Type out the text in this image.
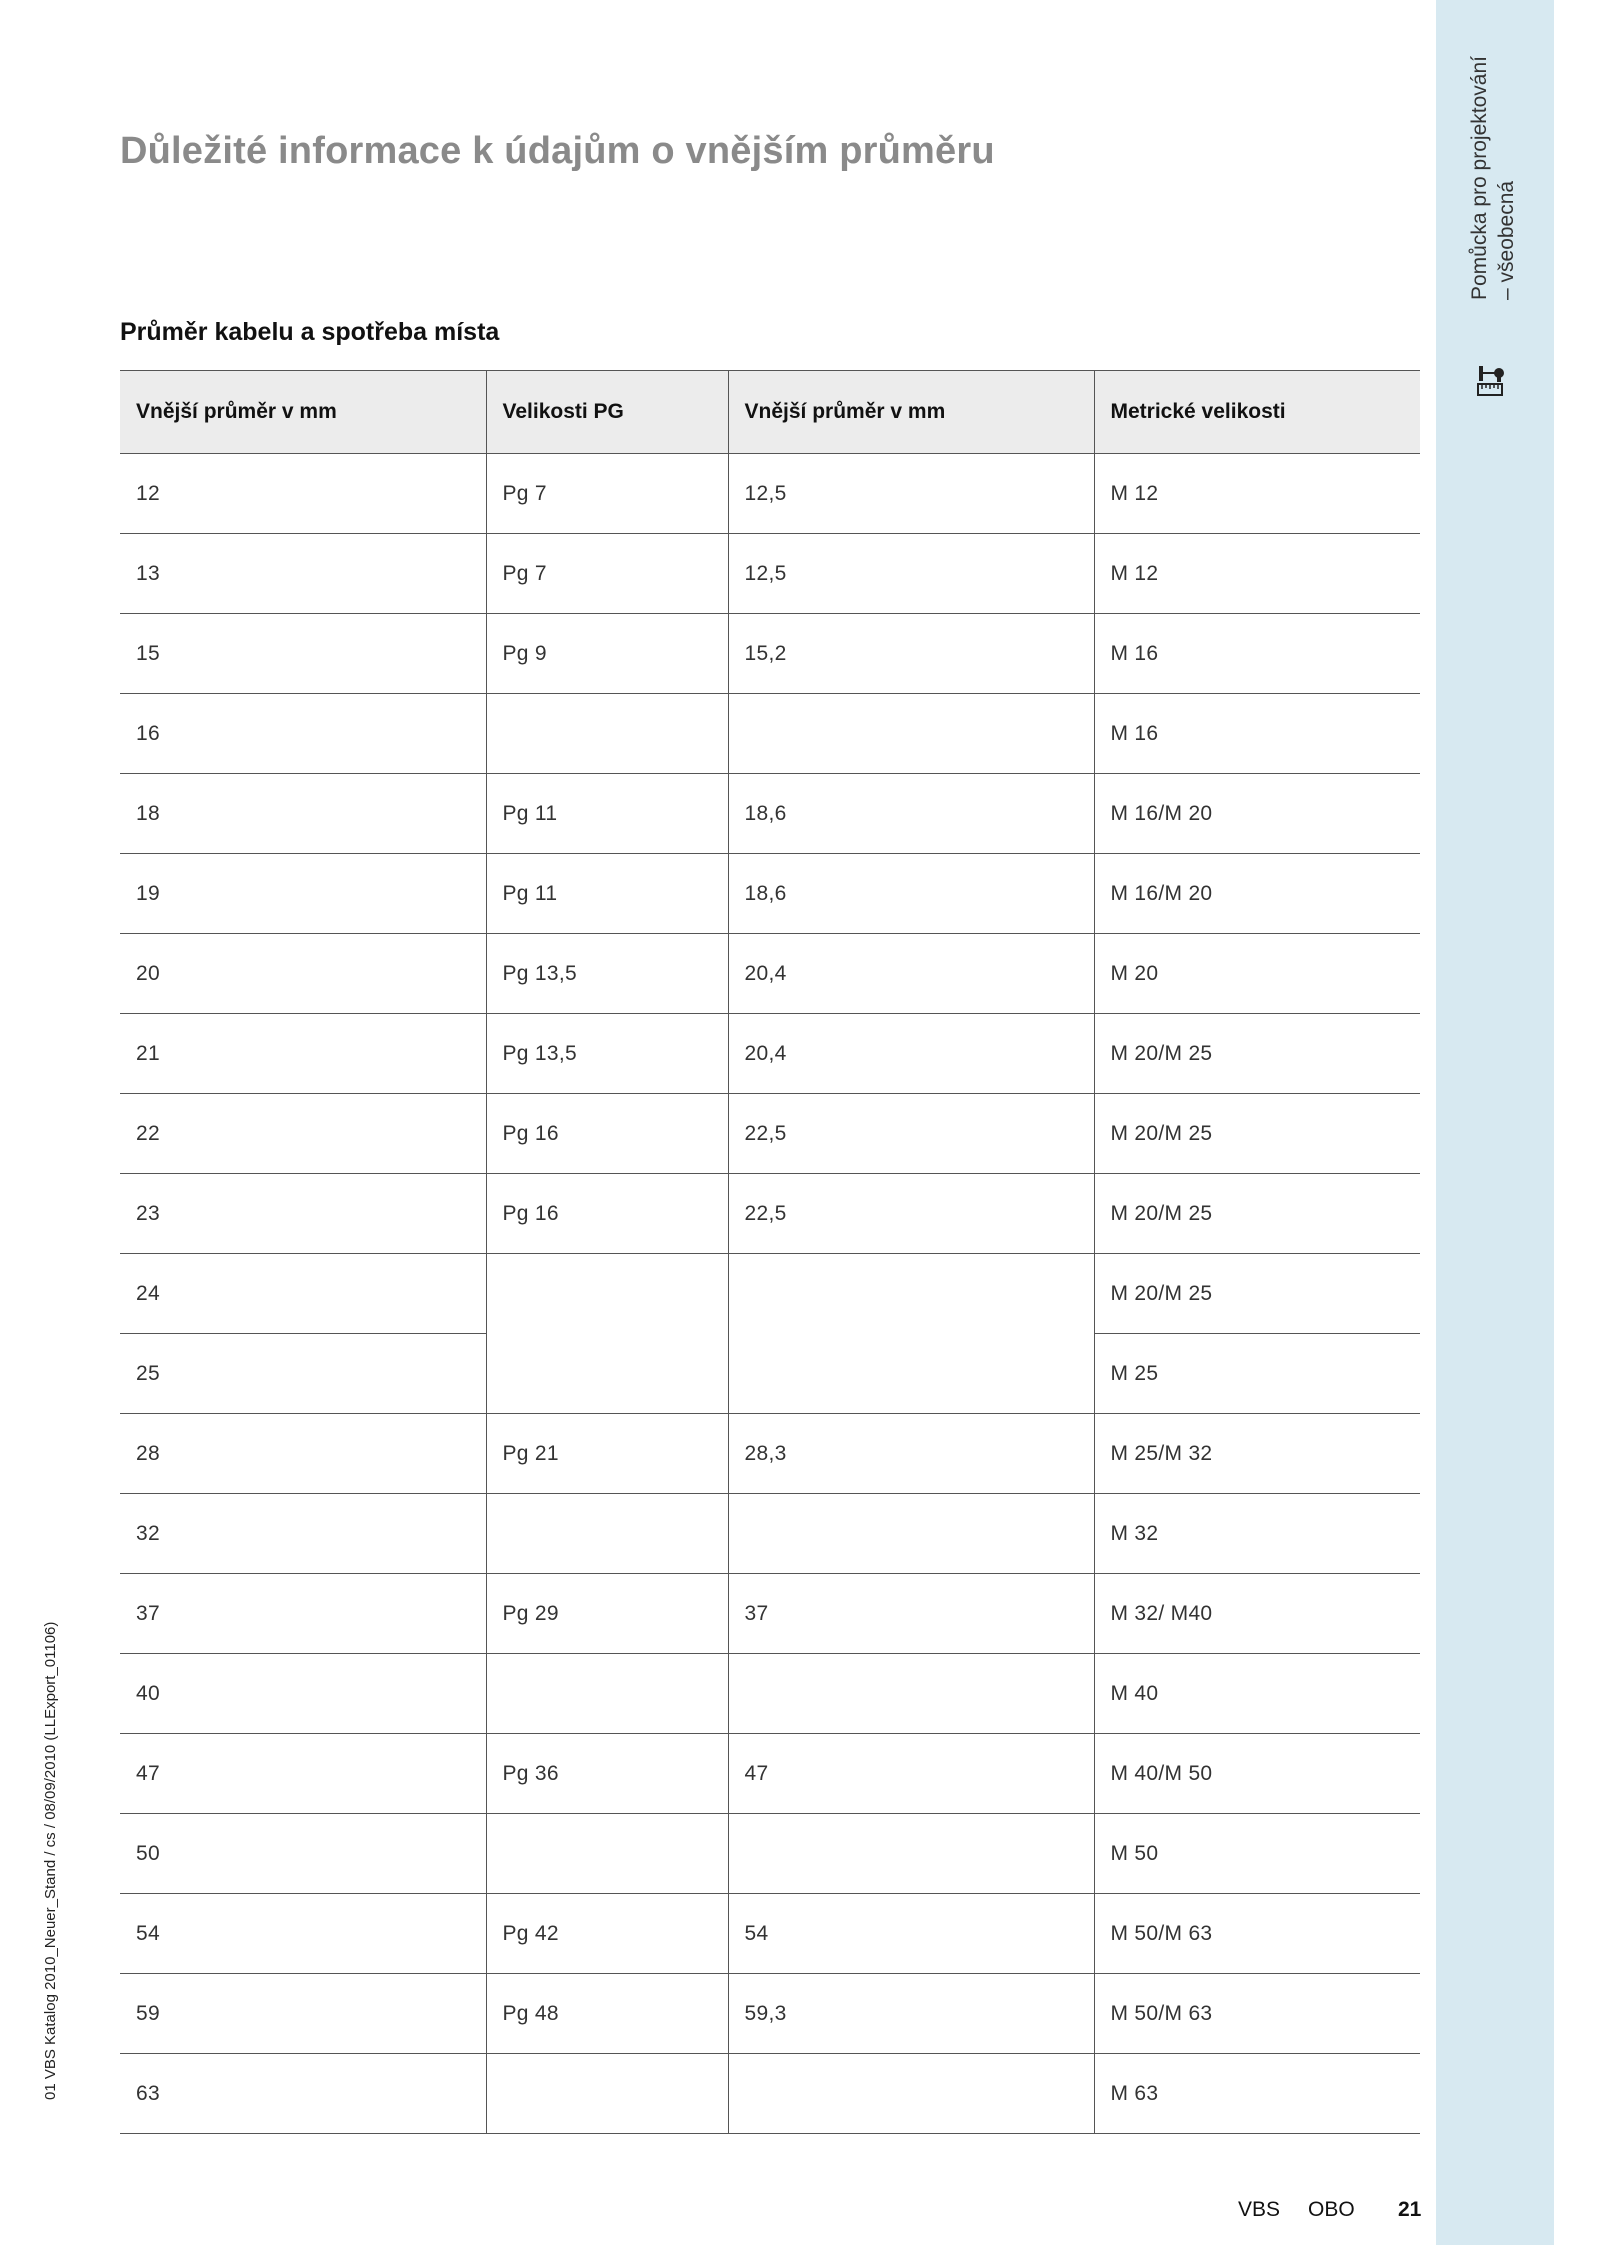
Důležité informace k údajům o vnějším průměru
Průměr kabelu a spotřeba místa
Vnější průměr v mm	Velikosti PG	Vnější průměr v mm	Metrické velikosti
12	Pg 7	12,5	M 12
13	Pg 7	12,5	M 12
15	Pg 9	15,2	M 16
16			M 16
18	Pg 11	18,6	M 16/M 20
19	Pg 11	18,6	M 16/M 20
20	Pg 13,5	20,4	M 20
21	Pg 13,5	20,4	M 20/M 25
22	Pg 16	22,5	M 20/M 25
23	Pg 16	22,5	M 20/M 25
24			M 20/M 25
25			M 25
28	Pg 21	28,3	M 25/M 32
32			M 32
37	Pg 29	37	M 32/ M40
40			M 40
47	Pg 36	47	M 40/M 50
50			M 50
54	Pg 42	54	M 50/M 63
59	Pg 48	59,3	M 50/M 63
63			M 63
Pomůcka pro projektování – všeobecná
01 VBS Katalog 2010_Neuer_Stand / cs / 08/09/2010 (LLExport_01106)
VBS OBO 21
